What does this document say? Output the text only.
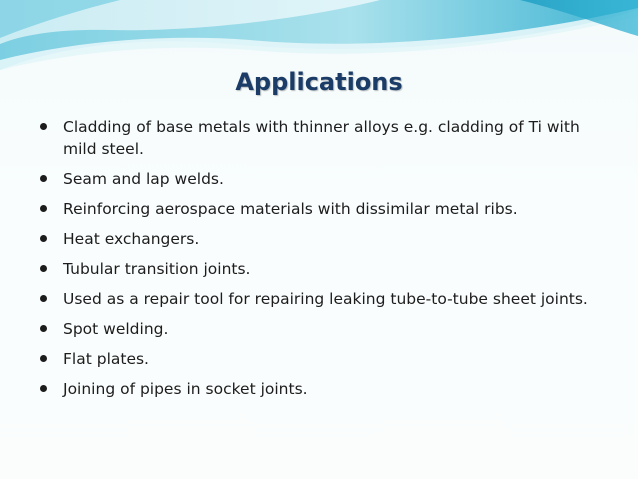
Applications
Cladding of base metals with thinner alloys e.g. cladding of Ti with mild steel.
Seam and lap welds.
Reinforcing aerospace materials with dissimilar metal ribs.
Heat exchangers.
Tubular transition joints.
Used as a repair tool for repairing leaking tube-to-tube sheet joints.
Spot welding.
Flat plates.
Joining of pipes in socket joints.
